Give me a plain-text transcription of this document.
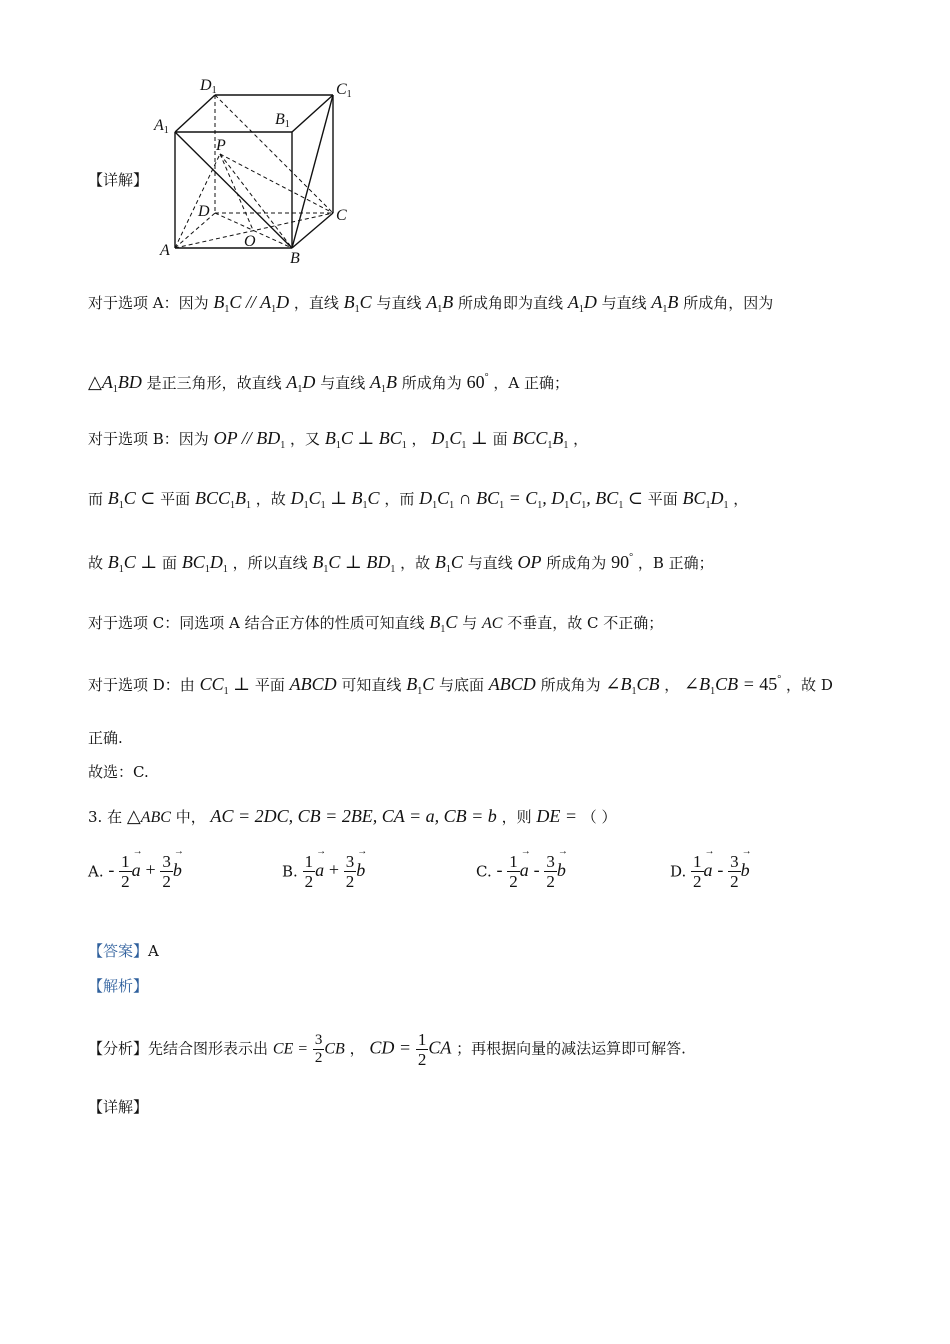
D1	C1
A1
B1
P
D	C
A
O
B
【详解】
对于选项 A：因为 $B_1C // A_1D$ ，直线 $B_1C$ 与直线 $A_1B$ 所成角即为直线 $A_1D$ 与直线 $A_1B$ 所成角，因为
$\triangle A_1BD$ 是正三角形，故直线 $A_1D$ 与直线 $A_1B$ 所成角为 60° ，A 正确；
对于选项 B：因为 OP // $BD_1$ ，又 $B_1C$ ⊥ $BC_1$ ， $D_1C_1$ ⊥ 面 $BCC_1B_1$ ，
而 $B_1C$ ⊂ 平面 $BCC_1B_1$ ，故 $D_1C_1$ ⊥ $B_1C$ ，而 $D_1C_1$ ∩ $BC_1 = C_1$, $D_1C_1$, $BC_1$ ⊂ 平面 $BC_1D_1$ ，
故 $B_1C$ ⊥ 面 $BC_1D_1$ ，所以直线 $B_1C$ ⊥ $BD_1$ ，故 $B_1C$ 与直线 OP 所成角为 90° ，B 正确；
对于选项 C：同选项 A 结合正方体的性质可知直线 $B_1C$ 与 AC 不垂直，故 C 不正确；
对于选项 D：由 $CC_1$ ⊥ 平面 ABCD 可知直线 $B_1C$ 与底面 ABCD 所成角为 $\angle B_1CB$ ， $\angle B_1CB = 45^\circ$ ，故 D
正确.
故选：C.
3. 在 △ABC 中， AC = 2DC, CB = 2BE, CA = a, CB = b ，则 DE = （ ）
A. - $\frac{1}{2}$
→ $a + \frac{3}{2}$
→ b	B. $\frac{1}{2}$
→ $a + \frac{3}{2}$
→ b	C. - $\frac{1}{2}$
→ a - $\frac{3}{2}$
→ b	D. $\frac{1}{2}$
→ a - $\frac{3}{2}$
→ b
【答案】A
【解析】
【分析】先结合图形表示出 CE = $\frac{3}{2}$ CB ， CD = $\frac{1}{2}$ CA ；再根据向量的减法运算即可解答.
【详解】
